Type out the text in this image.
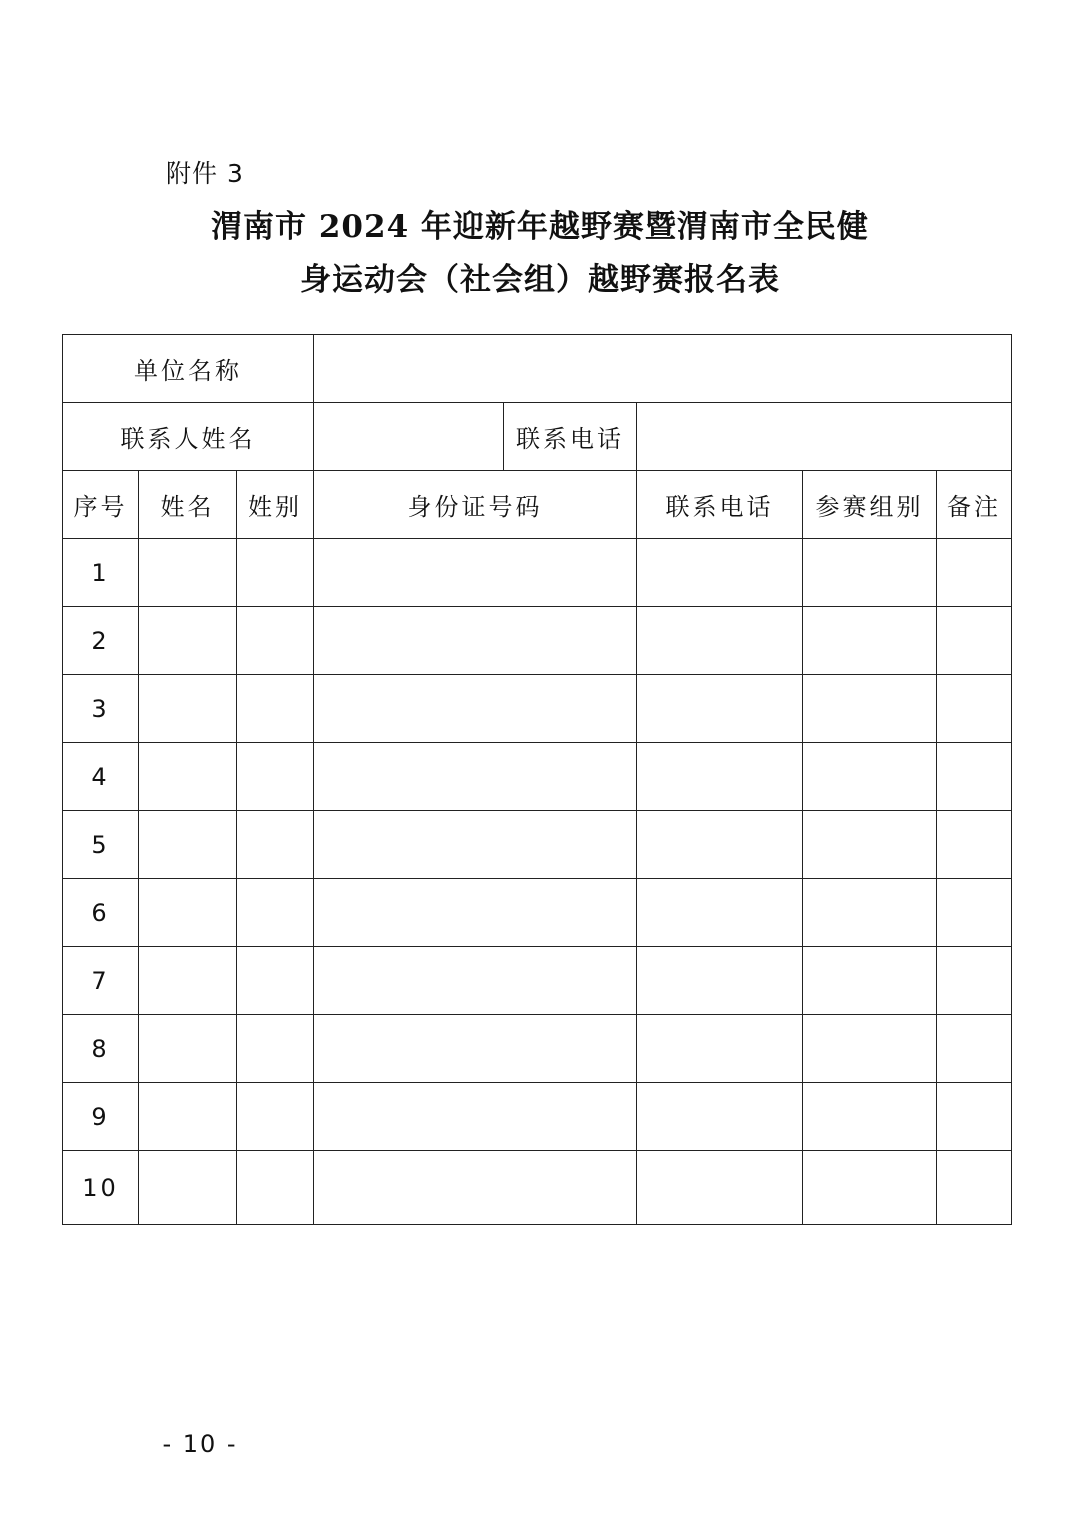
附件 3
渭南市 2024 年迎新年越野赛暨渭南市全民健
身运动会（社会组）越野赛报名表
单位名称							
联系人姓名				联系电话			
序号	姓名	姓别	身份证号码		联系电话	参赛组别	备注
1							
2							
3							
4							
5							
6							
7							
8							
9							
10							
- 10 -
